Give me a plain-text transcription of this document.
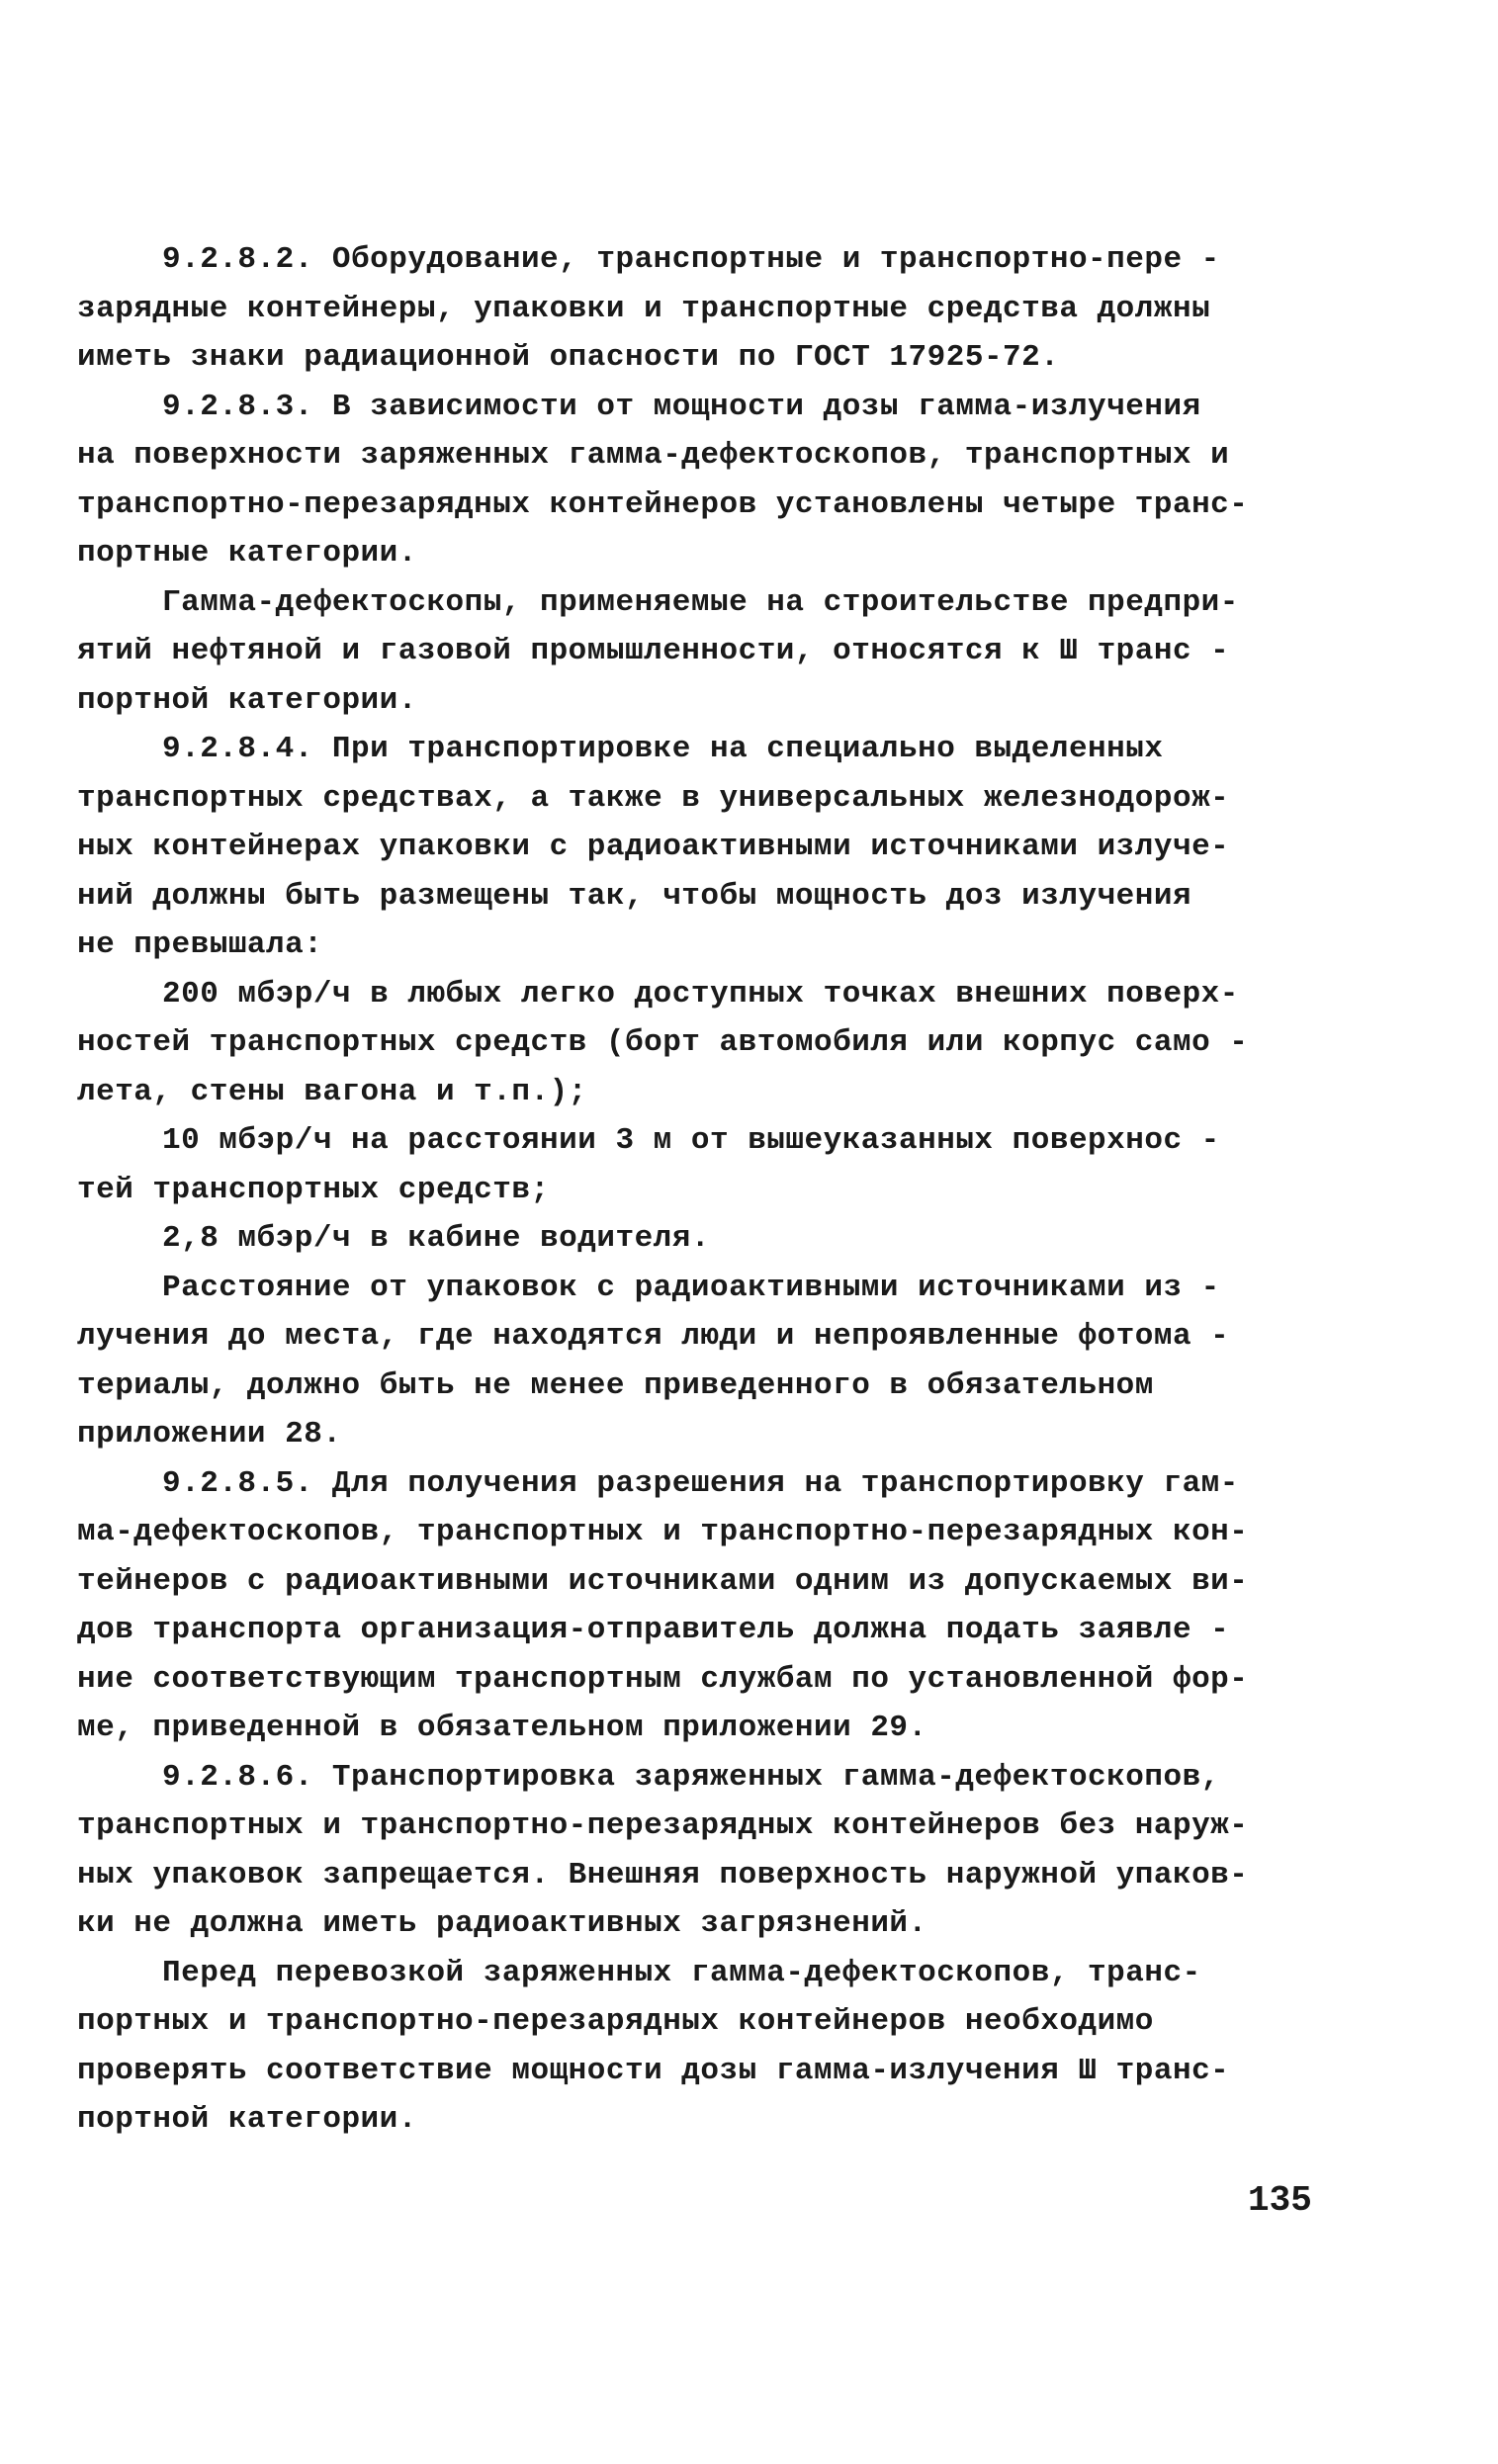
9.2.8.2. Оборудование, транспортные и транспортно-пере -
зарядные контейнеры, упаковки и транспортные средства должны
иметь знаки радиационной опасности по ГОСТ 17925-72.
9.2.8.3. В зависимости от мощности дозы гамма-излучения
на поверхности заряженных гамма-дефектоскопов, транспортных и
транспортно-перезарядных контейнеров установлены четыре транс-
портные категории.
Гамма-дефектоскопы, применяемые на строительстве предпри-
ятий нефтяной и газовой промышленности, относятся к Ш транс -
портной категории.
9.2.8.4. При транспортировке на специально выделенных
транспортных средствах, а также в универсальных железнодорож-
ных контейнерах упаковки с радиоактивными источниками излуче-
ний должны быть размещены так, чтобы мощность доз излучения
не превышала:
200 мбэр/ч в любых легко доступных точках внешних поверх-
ностей транспортных средств (борт автомобиля или корпус само -
лета, стены вагона и т.п.);
10 мбэр/ч на расстоянии 3 м от вышеуказанных поверхнос -
тей транспортных средств;
2,8 мбэр/ч в кабине водителя.
Расстояние от упаковок с радиоактивными источниками из -
лучения до места, где находятся люди и непроявленные фотома -
териалы, должно быть не менее приведенного в обязательном
приложении 28.
9.2.8.5. Для получения разрешения на транспортировку гам-
ма-дефектоскопов, транспортных и транспортно-перезарядных кон-
тейнеров с радиоактивными источниками одним из допускаемых ви-
дов транспорта организация-отправитель должна подать заявле -
ние соответствующим транспортным службам по установленной фор-
ме, приведенной в обязательном приложении 29.
9.2.8.6. Транспортировка заряженных гамма-дефектоскопов,
транспортных и транспортно-перезарядных контейнеров без наруж-
ных упаковок запрещается. Внешняя поверхность наружной упаков-
ки не должна иметь радиоактивных загрязнений.
Перед перевозкой заряженных гамма-дефектоскопов, транс-
портных и транспортно-перезарядных контейнеров необходимо
проверять соответствие мощности дозы гамма-излучения Ш транс-
портной категории.
135
